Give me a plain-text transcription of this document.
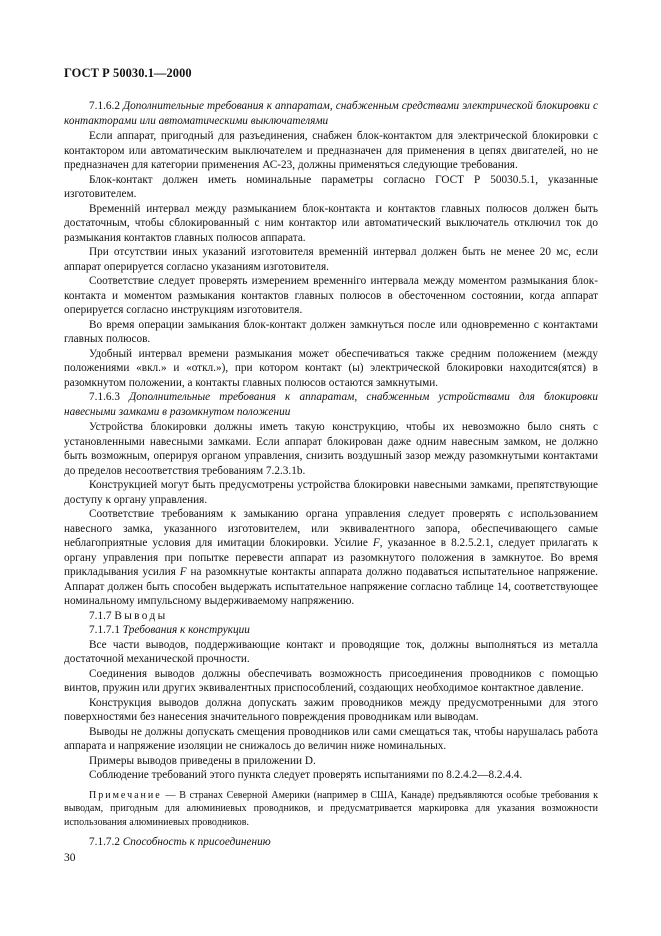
ГОСТ Р 50030.1—2000

7.1.6.2 Дополнительные требования к аппаратам, снабженным средствами электрической блокировки с контакторами или автоматическими выключателями

Если аппарат, пригодный для разъединения, снабжен блок-контактом для электрической блокировки с контактором или автоматическим выключателем и предназначен для применения в цепях двигателей, но не предназначен для категории применения АС-23, должны применяться следующие требования.

Блок-контакт должен иметь номинальные параметры согласно ГОСТ Р 50030.5.1, указанные изготовителем.

Временнiй интервал между размыканием блок-контакта и контактов главных полюсов должен быть достаточным, чтобы сблокированный с ним контактор или автоматический выключатель отключил ток до размыкания контактов главных полюсов аппарата.

При отсутствии иных указаний изготовителя временнiй интервал должен быть не менее 20 мс, если аппарат оперируется согласно указаниям изготовителя.

Соответствие следует проверять измерением временнiго интервала между моментом размыкания блок-контакта и моментом размыкания контактов главных полюсов в обесточенном состоянии, когда аппарат оперируется согласно инструкциям изготовителя.

Во время операции замыкания блок-контакт должен замкнуться после или одновременно с контактами главных полюсов.

Удобный интервал времени размыкания может обеспечиваться также средним положением (между положениями «вкл.» и «откл.»), при котором контакт (ы) электрической блокировки находится(ятся) в разомкнутом положении, а контакты главных полюсов остаются замкнутыми.

7.1.6.3 Дополнительные требования к аппаратам, снабженным устройствами для блокировки навесными замками в разомкнутом положении

Устройства блокировки должны иметь такую конструкцию, чтобы их невозможно было снять с установленными навесными замками. Если аппарат блокирован даже одним навесным замком, не должно быть возможным, оперируя органом управления, снизить воздушный зазор между разомкнутыми контактами до пределов несоответствия требованиям 7.2.3.1b.

Конструкцией могут быть предусмотрены устройства блокировки навесными замками, препятствующие доступу к органу управления.

Соответствие требованиям к замыканию органа управления следует проверять с использованием навесного замка, указанного изготовителем, или эквивалентного запора, обеспечивающего самые неблагоприятные условия для имитации блокировки. Усилие F, указанное в 8.2.5.2.1, следует прилагать к органу управления при попытке перевести аппарат из разомкнутого положения в замкнутое. Во время прикладывания усилия F на разомкнутые контакты аппарата должно подаваться испытательное напряжение. Аппарат должен быть способен выдержать испытательное напряжение согласно таблице 14, соответствующее номинальному импульсному выдерживаемому напряжению.

7.1.7 Выводы

7.1.7.1 Требования к конструкции

Все части выводов, поддерживающие контакт и проводящие ток, должны выполняться из металла достаточной механической прочности.

Соединения выводов должны обеспечивать возможность присоединения проводников с помощью винтов, пружин или других эквивалентных приспособлений, создающих необходимое контактное давление.

Конструкция выводов должна допускать зажим проводников между предусмотренными для этого поверхностями без нанесения значительного повреждения проводникам или выводам.

Выводы не должны допускать смещения проводников или сами смещаться так, чтобы нарушалась работа аппарата и напряжение изоляции не снижалось до величин ниже номинальных.

Примеры выводов приведены в приложении D.

Соблюдение требований этого пункта следует проверять испытаниями по 8.2.4.2—8.2.4.4.

Примечание — В странах Северной Америки (например в США, Канаде) предъявляются особые требования к выводам, пригодным для алюминиевых проводников, и предусматривается маркировка для указания возможности использования алюминиевых проводников.

7.1.7.2 Способность к присоединению

30
